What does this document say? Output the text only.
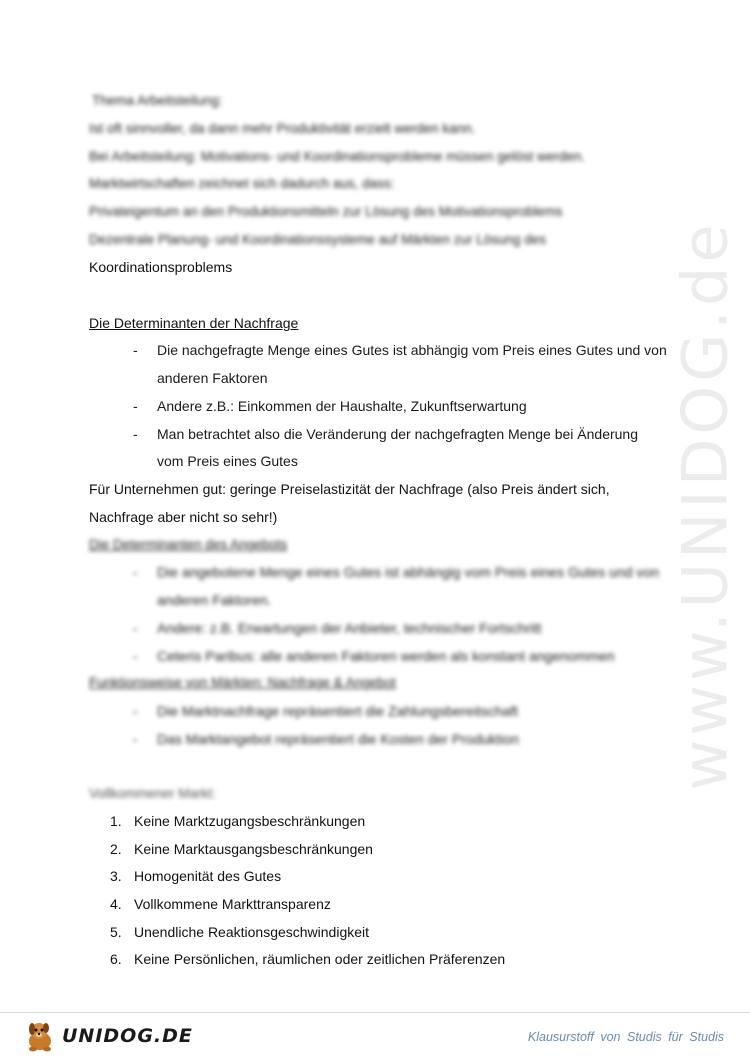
www.UNIDOG.de
Thema Arbeitsteilung:
Ist oft sinnvoller, da dann mehr Produktivität erzielt werden kann.
Bei Arbeitsteilung: Motivations- und Koordinationsprobleme müssen gelöst werden.
Marktwirtschaften zeichnet sich dadurch aus, dass:
Privateigentum an den Produktionsmitteln zur Lösung des Motivationsproblems
Dezentrale Planung- und Koordinationssysteme auf Märkten zur Lösung des
Koordinationsproblems
Die Determinanten der Nachfrage
- Die nachgefragte Menge eines Gutes ist abhängig vom Preis eines Gutes und von
anderen Faktoren
- Andere z.B.: Einkommen der Haushalte, Zukunftserwartung
- Man betrachtet also die Veränderung der nachgefragten Menge bei Änderung
vom Preis eines Gutes
Für Unternehmen gut: geringe Preiselastizität der Nachfrage (also Preis ändert sich,
Nachfrage aber nicht so sehr!)
Die Determinanten des Angebots
- Die angebotene Menge eines Gutes ist abhängig vom Preis eines Gutes und von
anderen Faktoren.
- Andere: z.B. Erwartungen der Anbieter, technischer Fortschritt
- Ceteris Paribus: alle anderen Faktoren werden als konstant angenommen
Funktionsweise von Märkten: Nachfrage & Angebot
- Die Marktnachfrage repräsentiert die Zahlungsbereitschaft
- Das Marktangebot repräsentiert die Kosten der Produktion
Vollkommener Markt:
1. Keine Marktzugangsbeschränkungen
2. Keine Marktausgangsbeschränkungen
3. Homogenität des Gutes
4. Vollkommene Markttransparenz
5. Unendliche Reaktionsgeschwindigkeit
6. Keine Persönlichen, räumlichen oder zeitlichen Präferenzen
UNIDOG.DE	Klausurstoff von Studis für Studis
